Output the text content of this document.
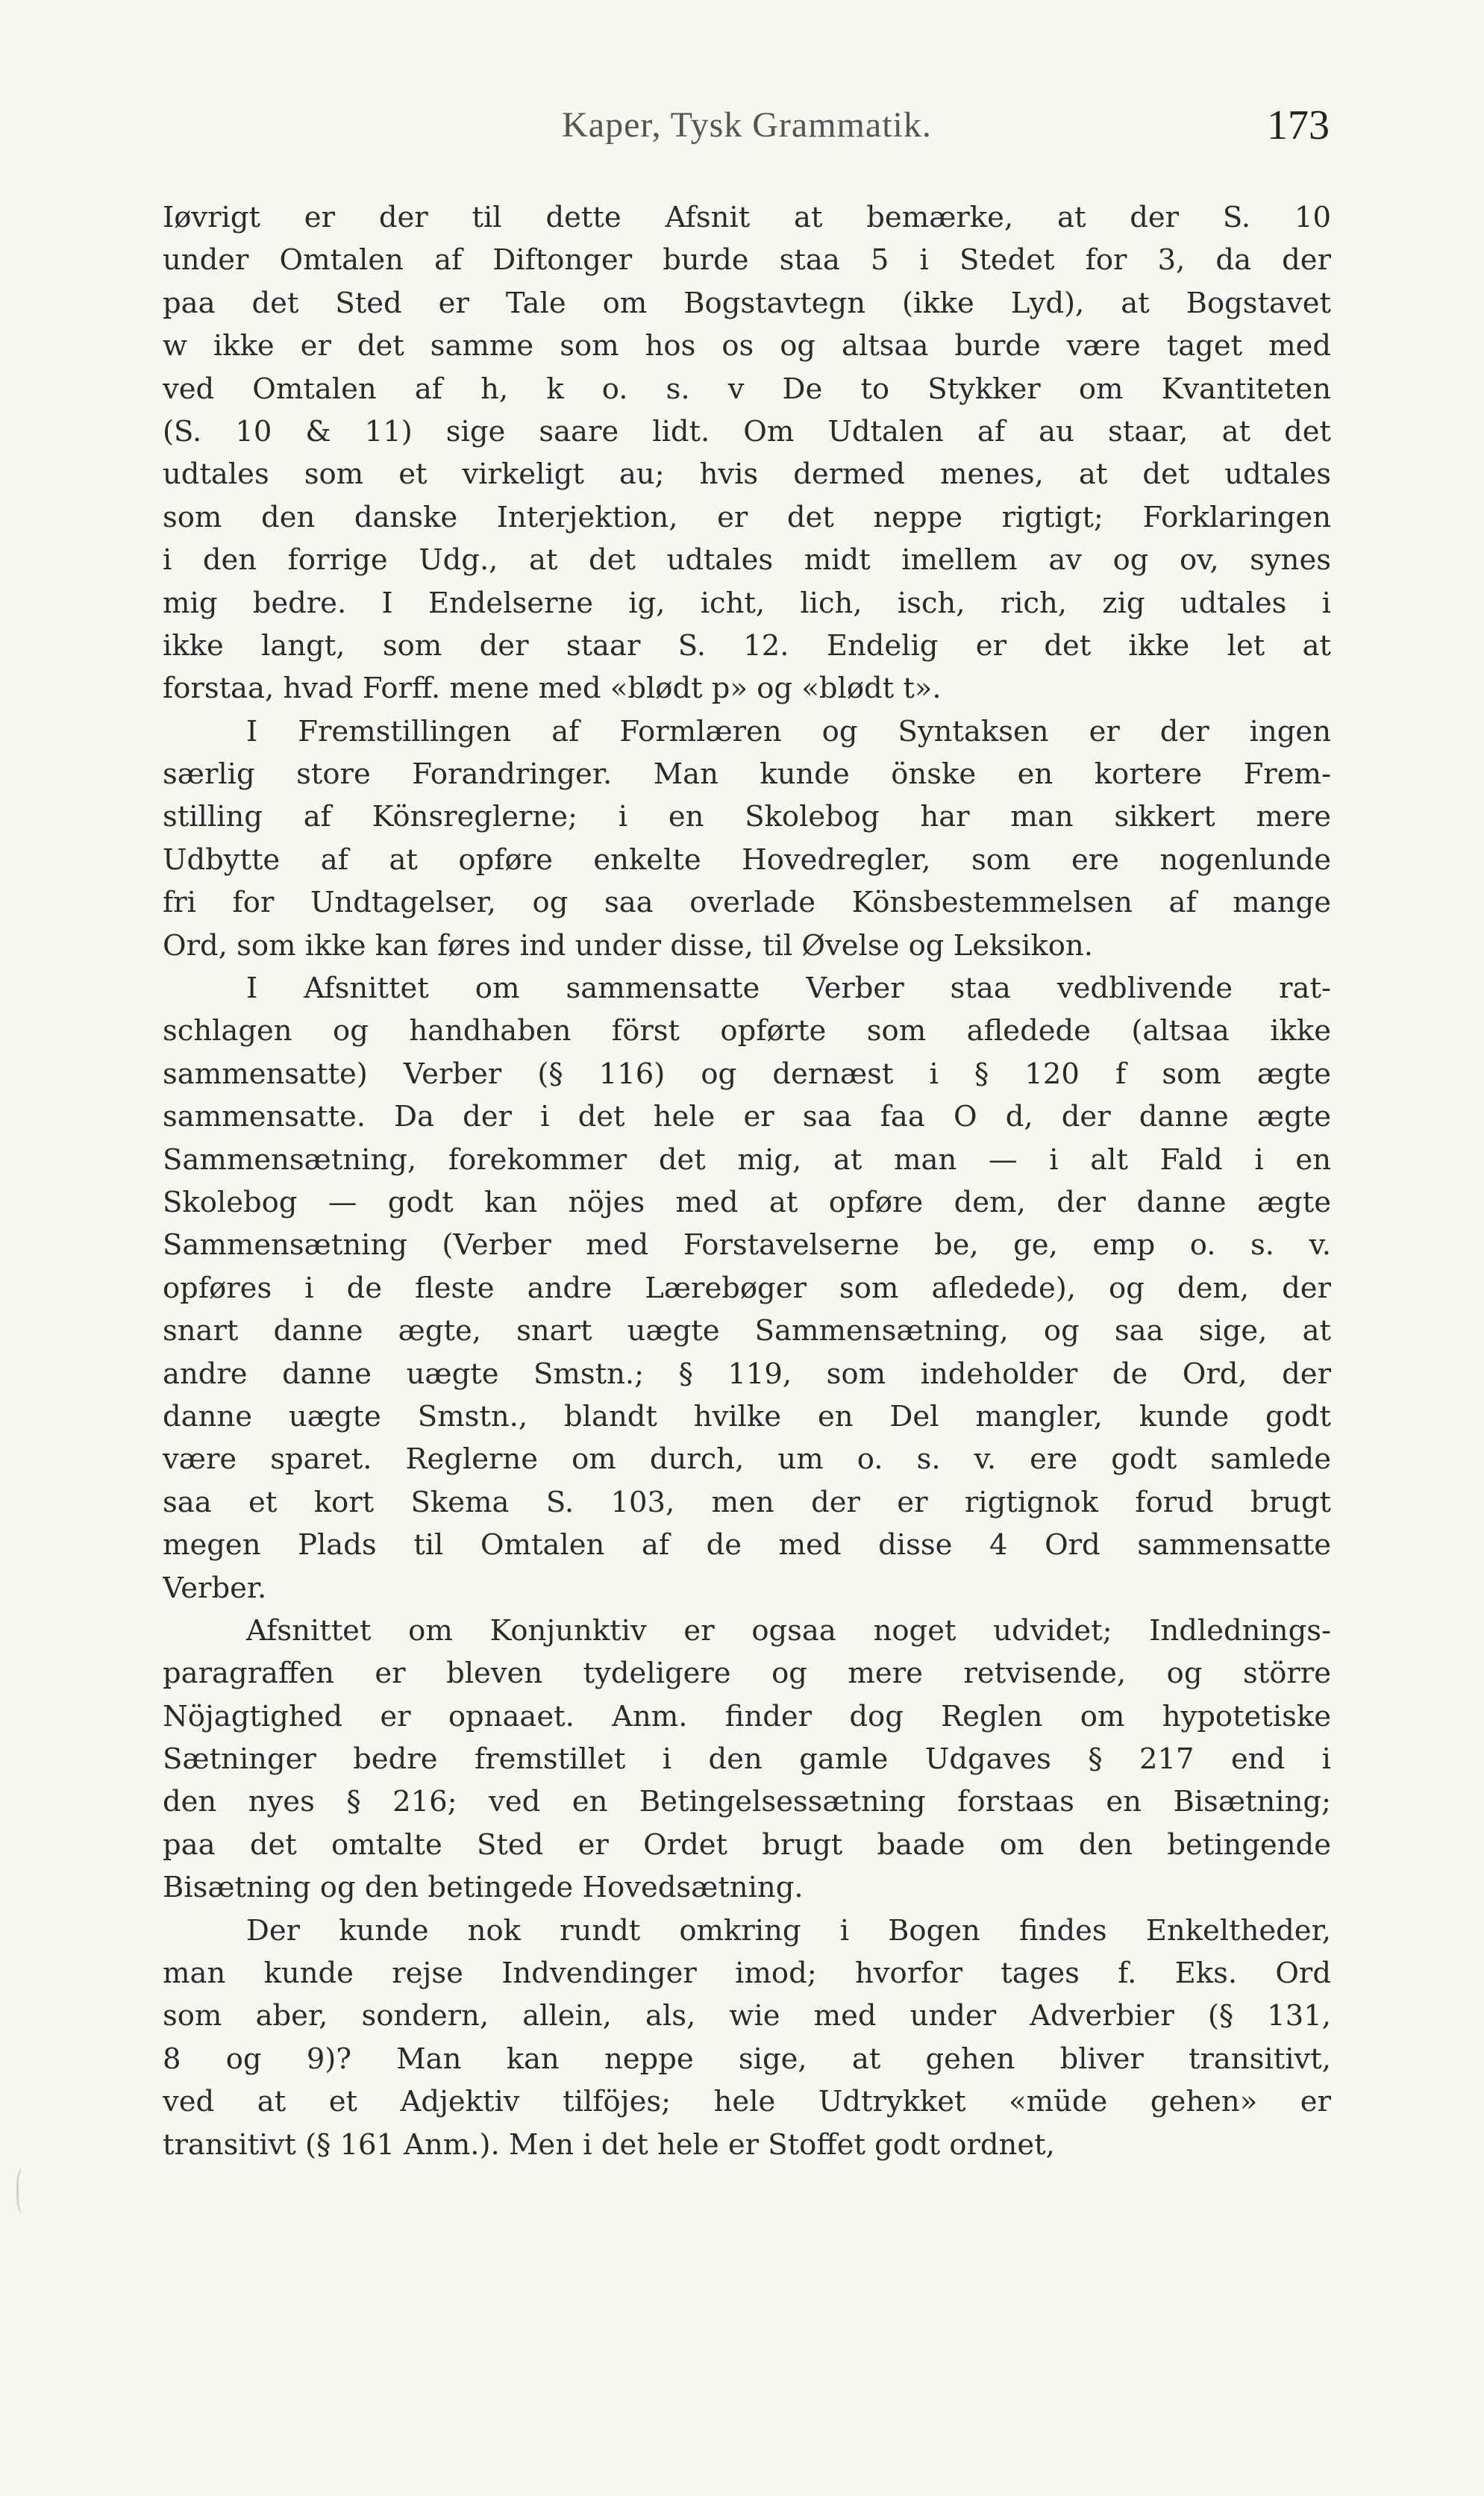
Kaper, Tysk Grammatik.	173
Iøvrigt er der til dette Afsnit at bemærke, at der S. 10
under Omtalen af Diftonger burde staa 5 i Stedet for 3, da der
paa det Sted er Tale om Bogstavtegn (ikke Lyd), at Bogstavet
w ikke er det samme som hos os og altsaa burde være taget med
ved Omtalen af h, k o. s. v De to Stykker om Kvantiteten
(S. 10 & 11) sige saare lidt. Om Udtalen af au staar, at det
udtales som et virkeligt au; hvis dermed menes, at det udtales
som den danske Interjektion, er det neppe rigtigt; Forklaringen
i den forrige Udg., at det udtales midt imellem av og ov, synes
mig bedre. I Endelserne ig, icht, lich, isch, rich, zig udtales i
ikke langt, som der staar S. 12. Endelig er det ikke let at
forstaa, hvad Forff. mene med «blødt p» og «blødt t».
I Fremstillingen af Formlæren og Syntaksen er der ingen
særlig store Forandringer. Man kunde önske en kortere Frem-
stilling af Könsreglerne; i en Skolebog har man sikkert mere
Udbytte af at opføre enkelte Hovedregler, som ere nogenlunde
fri for Undtagelser, og saa overlade Könsbestemmelsen af mange
Ord, som ikke kan føres ind under disse, til Øvelse og Leksikon.
I Afsnittet om sammensatte Verber staa vedblivende rat-
schlagen og handhaben först opførte som afledede (altsaa ikke
sammensatte) Verber (§ 116) og dernæst i § 120 f som ægte
sammensatte. Da der i det hele er saa faa O d, der danne ægte
Sammensætning, forekommer det mig, at man — i alt Fald i en
Skolebog — godt kan nöjes med at opføre dem, der danne ægte
Sammensætning (Verber med Forstavelserne be, ge, emp o. s. v.
opføres i de fleste andre Lærebøger som afledede), og dem, der
snart danne ægte, snart uægte Sammensætning, og saa sige, at
andre danne uægte Smstn.; § 119, som indeholder de Ord, der
danne uægte Smstn., blandt hvilke en Del mangler, kunde godt
være sparet. Reglerne om durch, um o. s. v. ere godt samlede
saa et kort Skema S. 103, men der er rigtignok forud brugt
megen Plads til Omtalen af de med disse 4 Ord sammensatte
Verber.
Afsnittet om Konjunktiv er ogsaa noget udvidet; Indlednings-
paragraffen er bleven tydeligere og mere retvisende, og större
Nöjagtighed er opnaaet. Anm. finder dog Reglen om hypotetiske
Sætninger bedre fremstillet i den gamle Udgaves § 217 end i
den nyes § 216; ved en Betingelsessætning forstaas en Bisætning;
paa det omtalte Sted er Ordet brugt baade om den betingende
Bisætning og den betingede Hovedsætning.
Der kunde nok rundt omkring i Bogen findes Enkeltheder,
man kunde rejse Indvendinger imod; hvorfor tages f. Eks. Ord
som aber, sondern, allein, als, wie med under Adverbier (§ 131,
8 og 9)? Man kan neppe sige, at gehen bliver transitivt,
ved at et Adjektiv tilföjes; hele Udtrykket «müde gehen» er
transitivt (§ 161 Anm.). Men i det hele er Stoffet godt ordnet,
